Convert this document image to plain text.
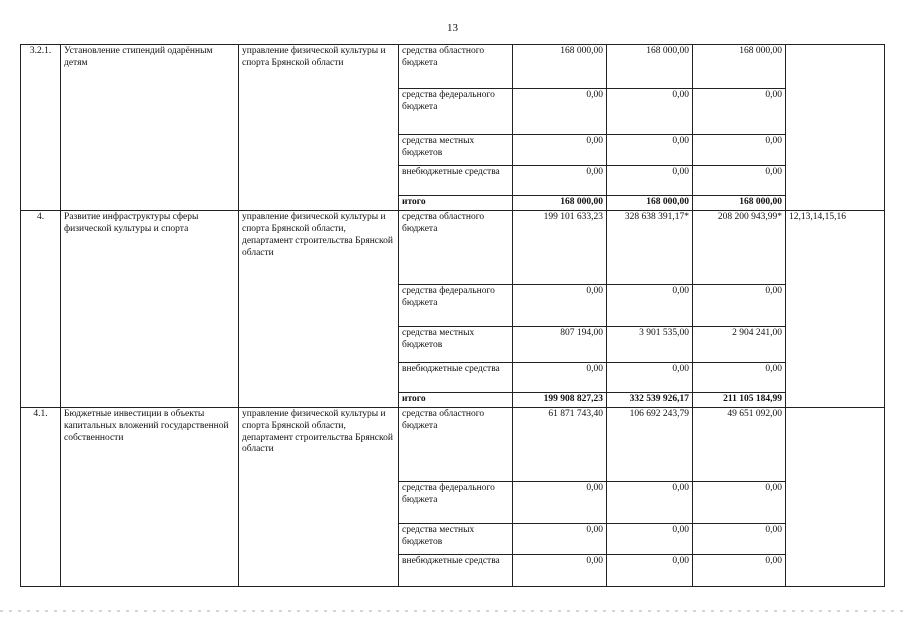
13
3.2.1.	Установление стипендий одарённым детям	управление физической культуры и спорта Брянской области	средства областного бюджета	168 000,00	168 000,00	168 000,00	
			средства федерального бюджета	0,00	0,00	0,00	
			средства местных бюджетов	0,00	0,00	0,00	
			внебюджетные средства	0,00	0,00	0,00	
			итого	168 000,00	168 000,00	168 000,00	
4.	Развитие инфраструктуры сферы физической культуры и спорта	управление физической культуры и спорта Брянской области, департамент строительства Брянской области	средства областного бюджета	199 101 633,23	328 638 391,17*	208 200 943,99*	12,13,14,15,16
			средства федерального бюджета	0,00	0,00	0,00	
			средства местных бюджетов	807 194,00	3 901 535,00	2 904 241,00	
			внебюджетные средства	0,00	0,00	0,00	
			итого	199 908 827,23	332 539 926,17	211 105 184,99	
4.1.	Бюджетные инвестиции в объекты капитальных вложений государственной собственности	управление физической культуры и спорта Брянской области, департамент строительства Брянской области	средства областного бюджета	61 871 743,40	106 692 243,79	49 651 092,00	
			средства федерального бюджета	0,00	0,00	0,00	
			средства местных бюджетов	0,00	0,00	0,00	
			внебюджетные средства	0,00	0,00	0,00	
